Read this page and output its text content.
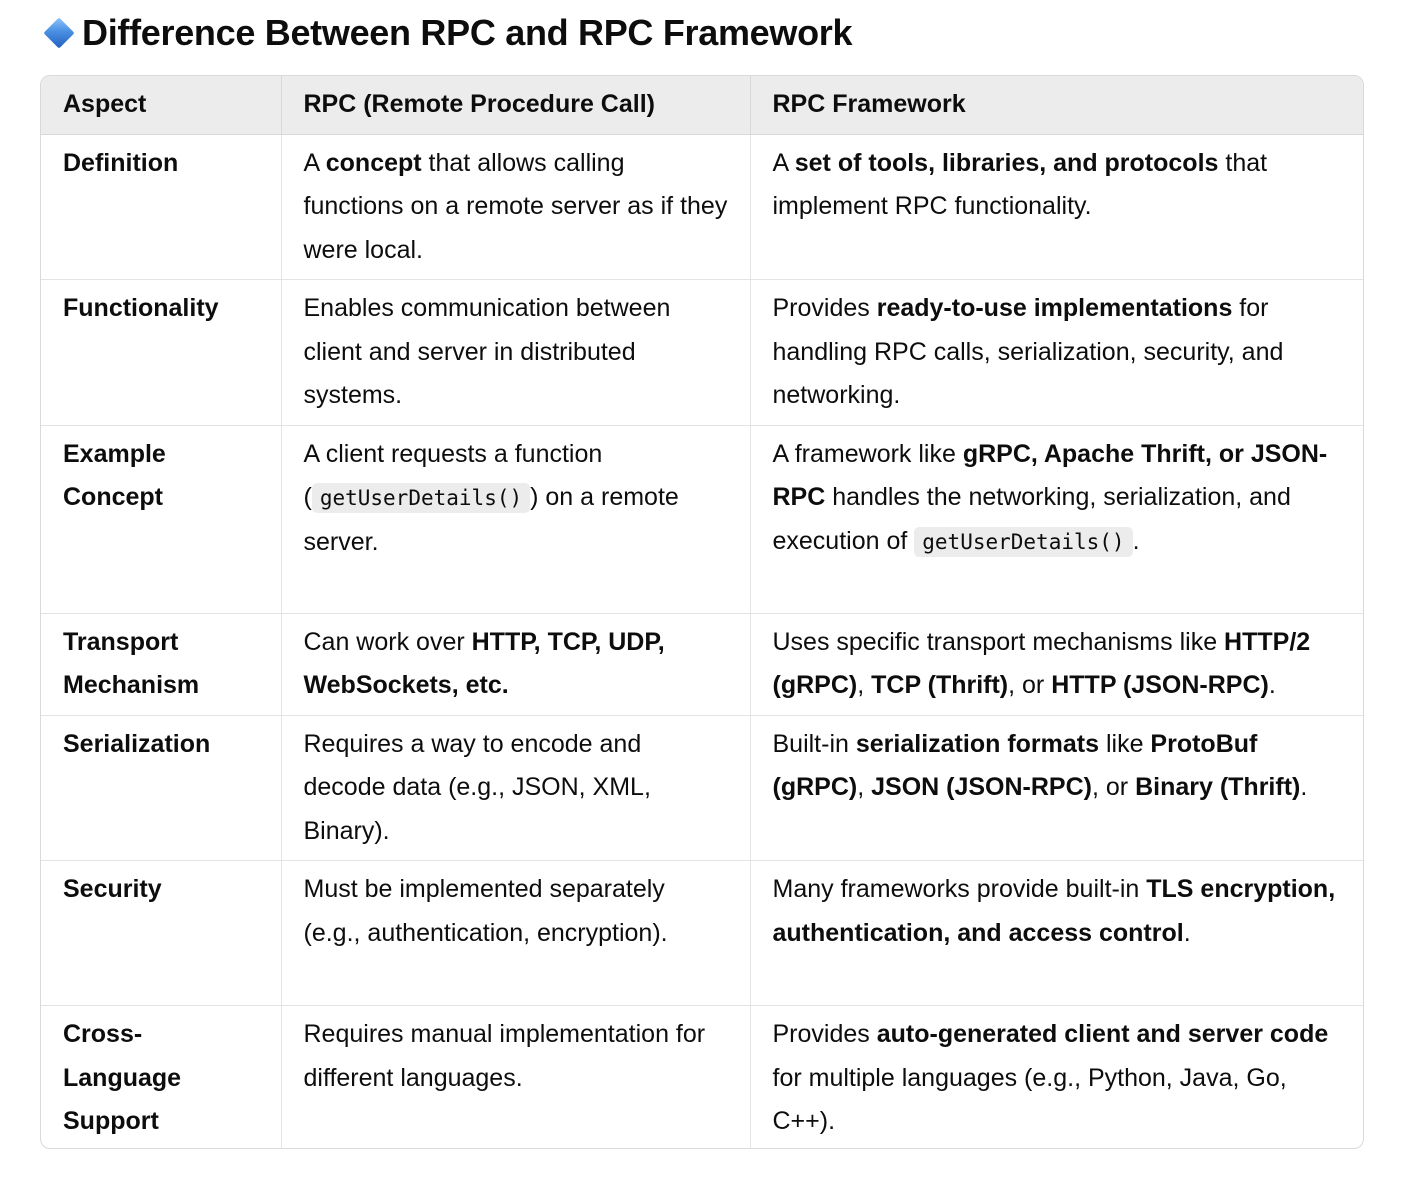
Difference Between RPC and RPC Framework
Aspect	RPC (Remote Procedure Call)	RPC Framework
Definition	A concept that allows calling functions on a remote server as if they were local.	A set of tools, libraries, and protocols that implement RPC functionality.
Functionality	Enables communication between client and server in distributed systems.	Provides ready-to-use implementations for handling RPC calls, serialization, security, and networking.
Example Concept	A client requests a function ( getUserDetails() ) on a remote server.	A framework like gRPC, Apache Thrift, or JSON-RPC handles the networking, serialization, and execution of getUserDetails() .
Transport Mechanism	Can work over HTTP, TCP, UDP, WebSockets, etc.	Uses specific transport mechanisms like HTTP/2 (gRPC), TCP (Thrift), or HTTP (JSON-RPC).
Serialization	Requires a way to encode and decode data (e.g., JSON, XML, Binary).	Built-in serialization formats like ProtoBuf (gRPC), JSON (JSON-RPC), or Binary (Thrift).
Security	Must be implemented separately (e.g., authentication, encryption).	Many frameworks provide built-in TLS encryption, authentication, and access control.
Cross-Language Support	Requires manual implementation for different languages.	Provides auto-generated client and server code for multiple languages (e.g., Python, Java, Go, C++).
